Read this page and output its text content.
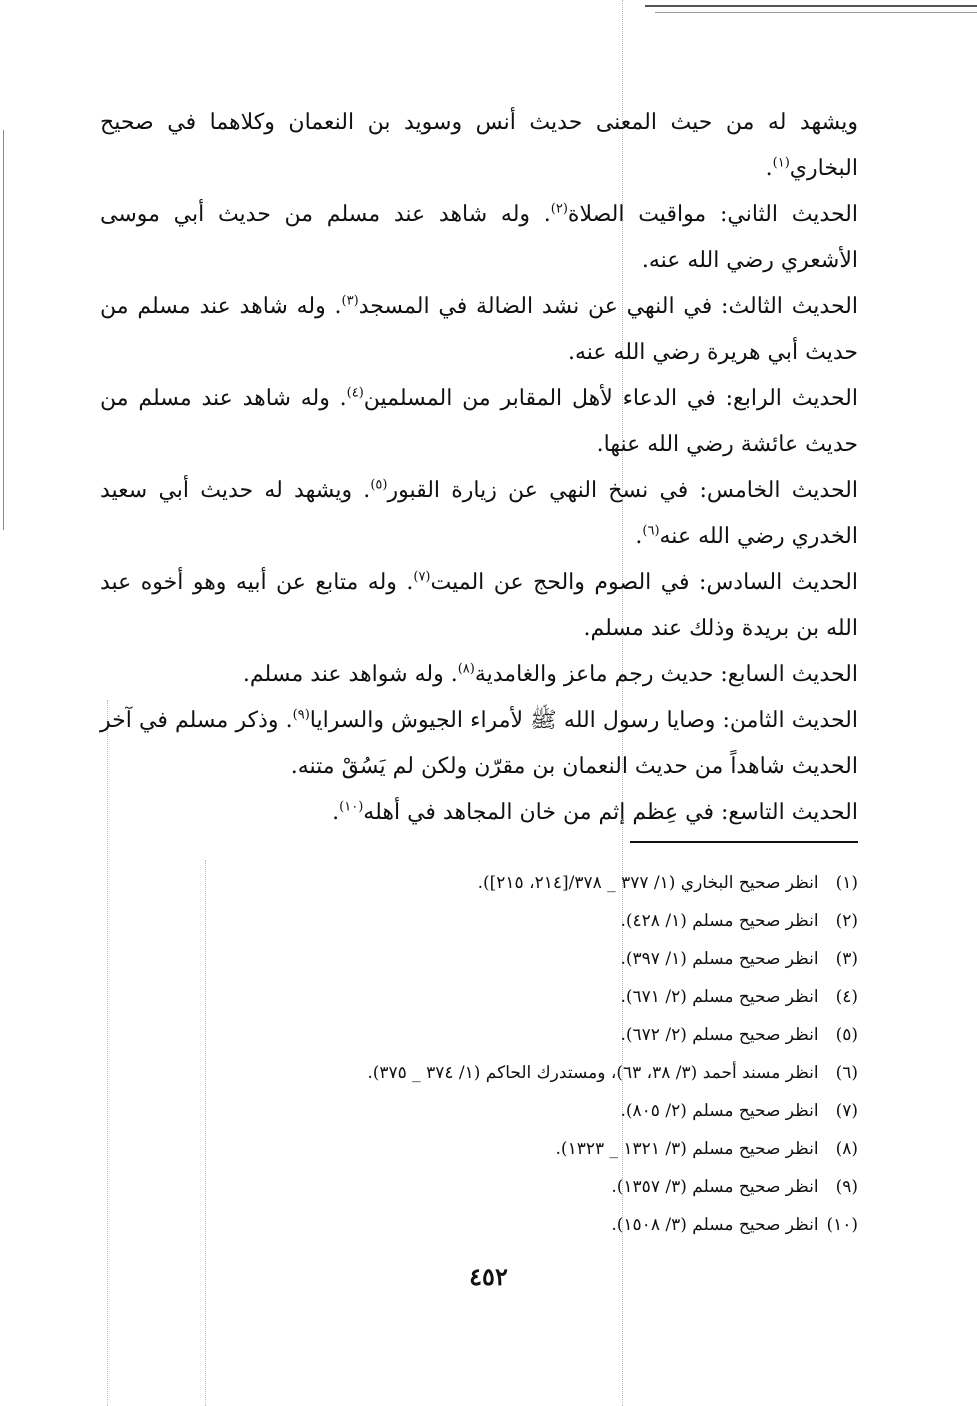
ويشهد له من حيث المعنى حديث أنس وسويد بن النعمان وكلاهما في صحيح البخاري$^{(١)}$.

الحديث الثاني: مواقيت الصلاة$^{(٢)}$. وله شاهد عند مسلم من حديث أبي موسى الأشعري رضي الله عنه.

الحديث الثالث: في النهي عن نشد الضالة في المسجد$^{(٣)}$. وله شاهد عند مسلم من حديث أبي هريرة رضي الله عنه.

الحديث الرابع: في الدعاء لأهل المقابر من المسلمين$^{(٤)}$. وله شاهد عند مسلم من حديث عائشة رضي الله عنها.

الحديث الخامس: في نسخ النهي عن زيارة القبور$^{(٥)}$. ويشهد له حديث أبي سعيد الخدري رضي الله عنه$^{(٦)}$.

الحديث السادس: في الصوم والحج عن الميت$^{(٧)}$. وله متابع عن أبيه وهو أخوه عبد الله بن بريدة وذلك عند مسلم.

الحديث السابع: حديث رجم ماعز والغامدية$^{(٨)}$. وله شواهد عند مسلم.

الحديث الثامن: وصايا رسول الله ﷺ لأمراء الجيوش والسرايا$^{(٩)}$. وذكر مسلم في آخر الحديث شاهداً من حديث النعمان بن مقرّن ولكن لم يَسُقْ متنه.

الحديث التاسع: في عِظم إثم من خان المجاهد في أهله$^{(١٠)}$.

(١) انظر صحيح البخاري (١/ ٣٧٧ _ ٣٧٨/[٢١٤، ٢١٥]).
(٢) انظر صحيح مسلم (١/ ٤٢٨).
(٣) انظر صحيح مسلم (١/ ٣٩٧).
(٤) انظر صحيح مسلم (٢/ ٦٧١).
(٥) انظر صحيح مسلم (٢/ ٦٧٢).
(٦) انظر مسند أحمد (٣/ ٣٨، ٦٣)، ومستدرك الحاكم (١/ ٣٧٤ _ ٣٧٥).
(٧) انظر صحيح مسلم (٢/ ٨٠٥).
(٨) انظر صحيح مسلم (٣/ ١٣٢١ _ ١٣٢٣).
(٩) انظر صحيح مسلم (٣/ ١٣٥٧).
(١٠) انظر صحيح مسلم (٣/ ١٥٠٨).
٤٥٢
